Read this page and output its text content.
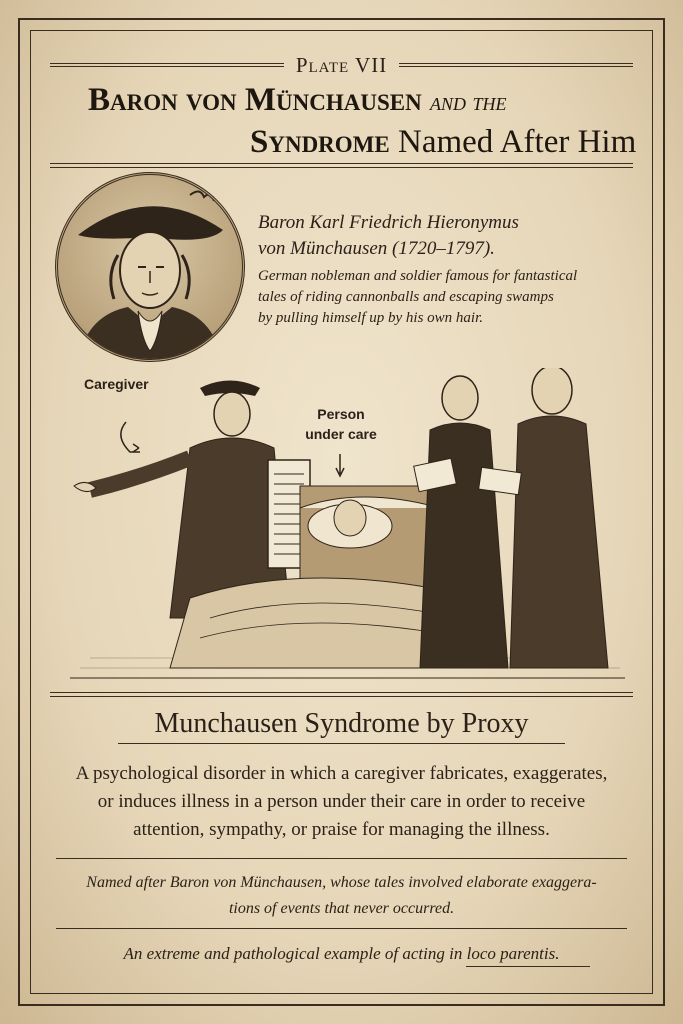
Plate VII
Baron von Münchausen and the
Syndrome Named After Him
Baron Karl Friedrich Hieronymus
von Münchausen (1720–1797).
German nobleman and soldier famous for fantastical
tales of riding cannonballs and escaping swamps
by pulling himself up by his own hair.
Caregiver
Person
under care
Munchausen Syndrome by Proxy
A psychological disorder in which a caregiver fabricates, exaggerates,
or induces illness in a person under their care in order to receive
attention, sympathy, or praise for managing the illness.
Named after Baron von Münchausen, whose tales involved elaborate exaggera-
tions of events that never occurred.
An extreme and pathological example of acting in loco parentis.
